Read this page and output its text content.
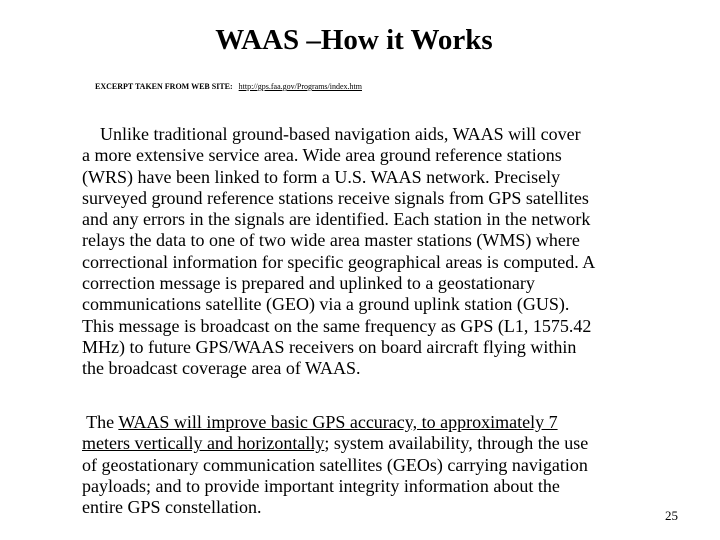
WAAS –How it Works
EXCERPT TAKEN FROM WEB SITE: http://gps.faa.gov/Programs/index.htm
Unlike traditional ground-based navigation aids, WAAS will cover
a more extensive service area. Wide area ground reference stations
(WRS) have been linked to form a U.S. WAAS network. Precisely
surveyed ground reference stations receive signals from GPS satellites
and any errors in the signals are identified. Each station in the network
relays the data to one of two wide area master stations (WMS) where
correctional information for specific geographical areas is computed. A
correction message is prepared and uplinked to a geostationary
communications satellite (GEO) via a ground uplink station (GUS).
This message is broadcast on the same frequency as GPS (L1, 1575.42
MHz) to future GPS/WAAS receivers on board aircraft flying within
the broadcast coverage area of WAAS.
The WAAS will improve basic GPS accuracy, to approximately 7
meters vertically and horizontally; system availability, through the use
of geostationary communication satellites (GEOs) carrying navigation
payloads; and to provide important integrity information about the
entire GPS constellation.	25
